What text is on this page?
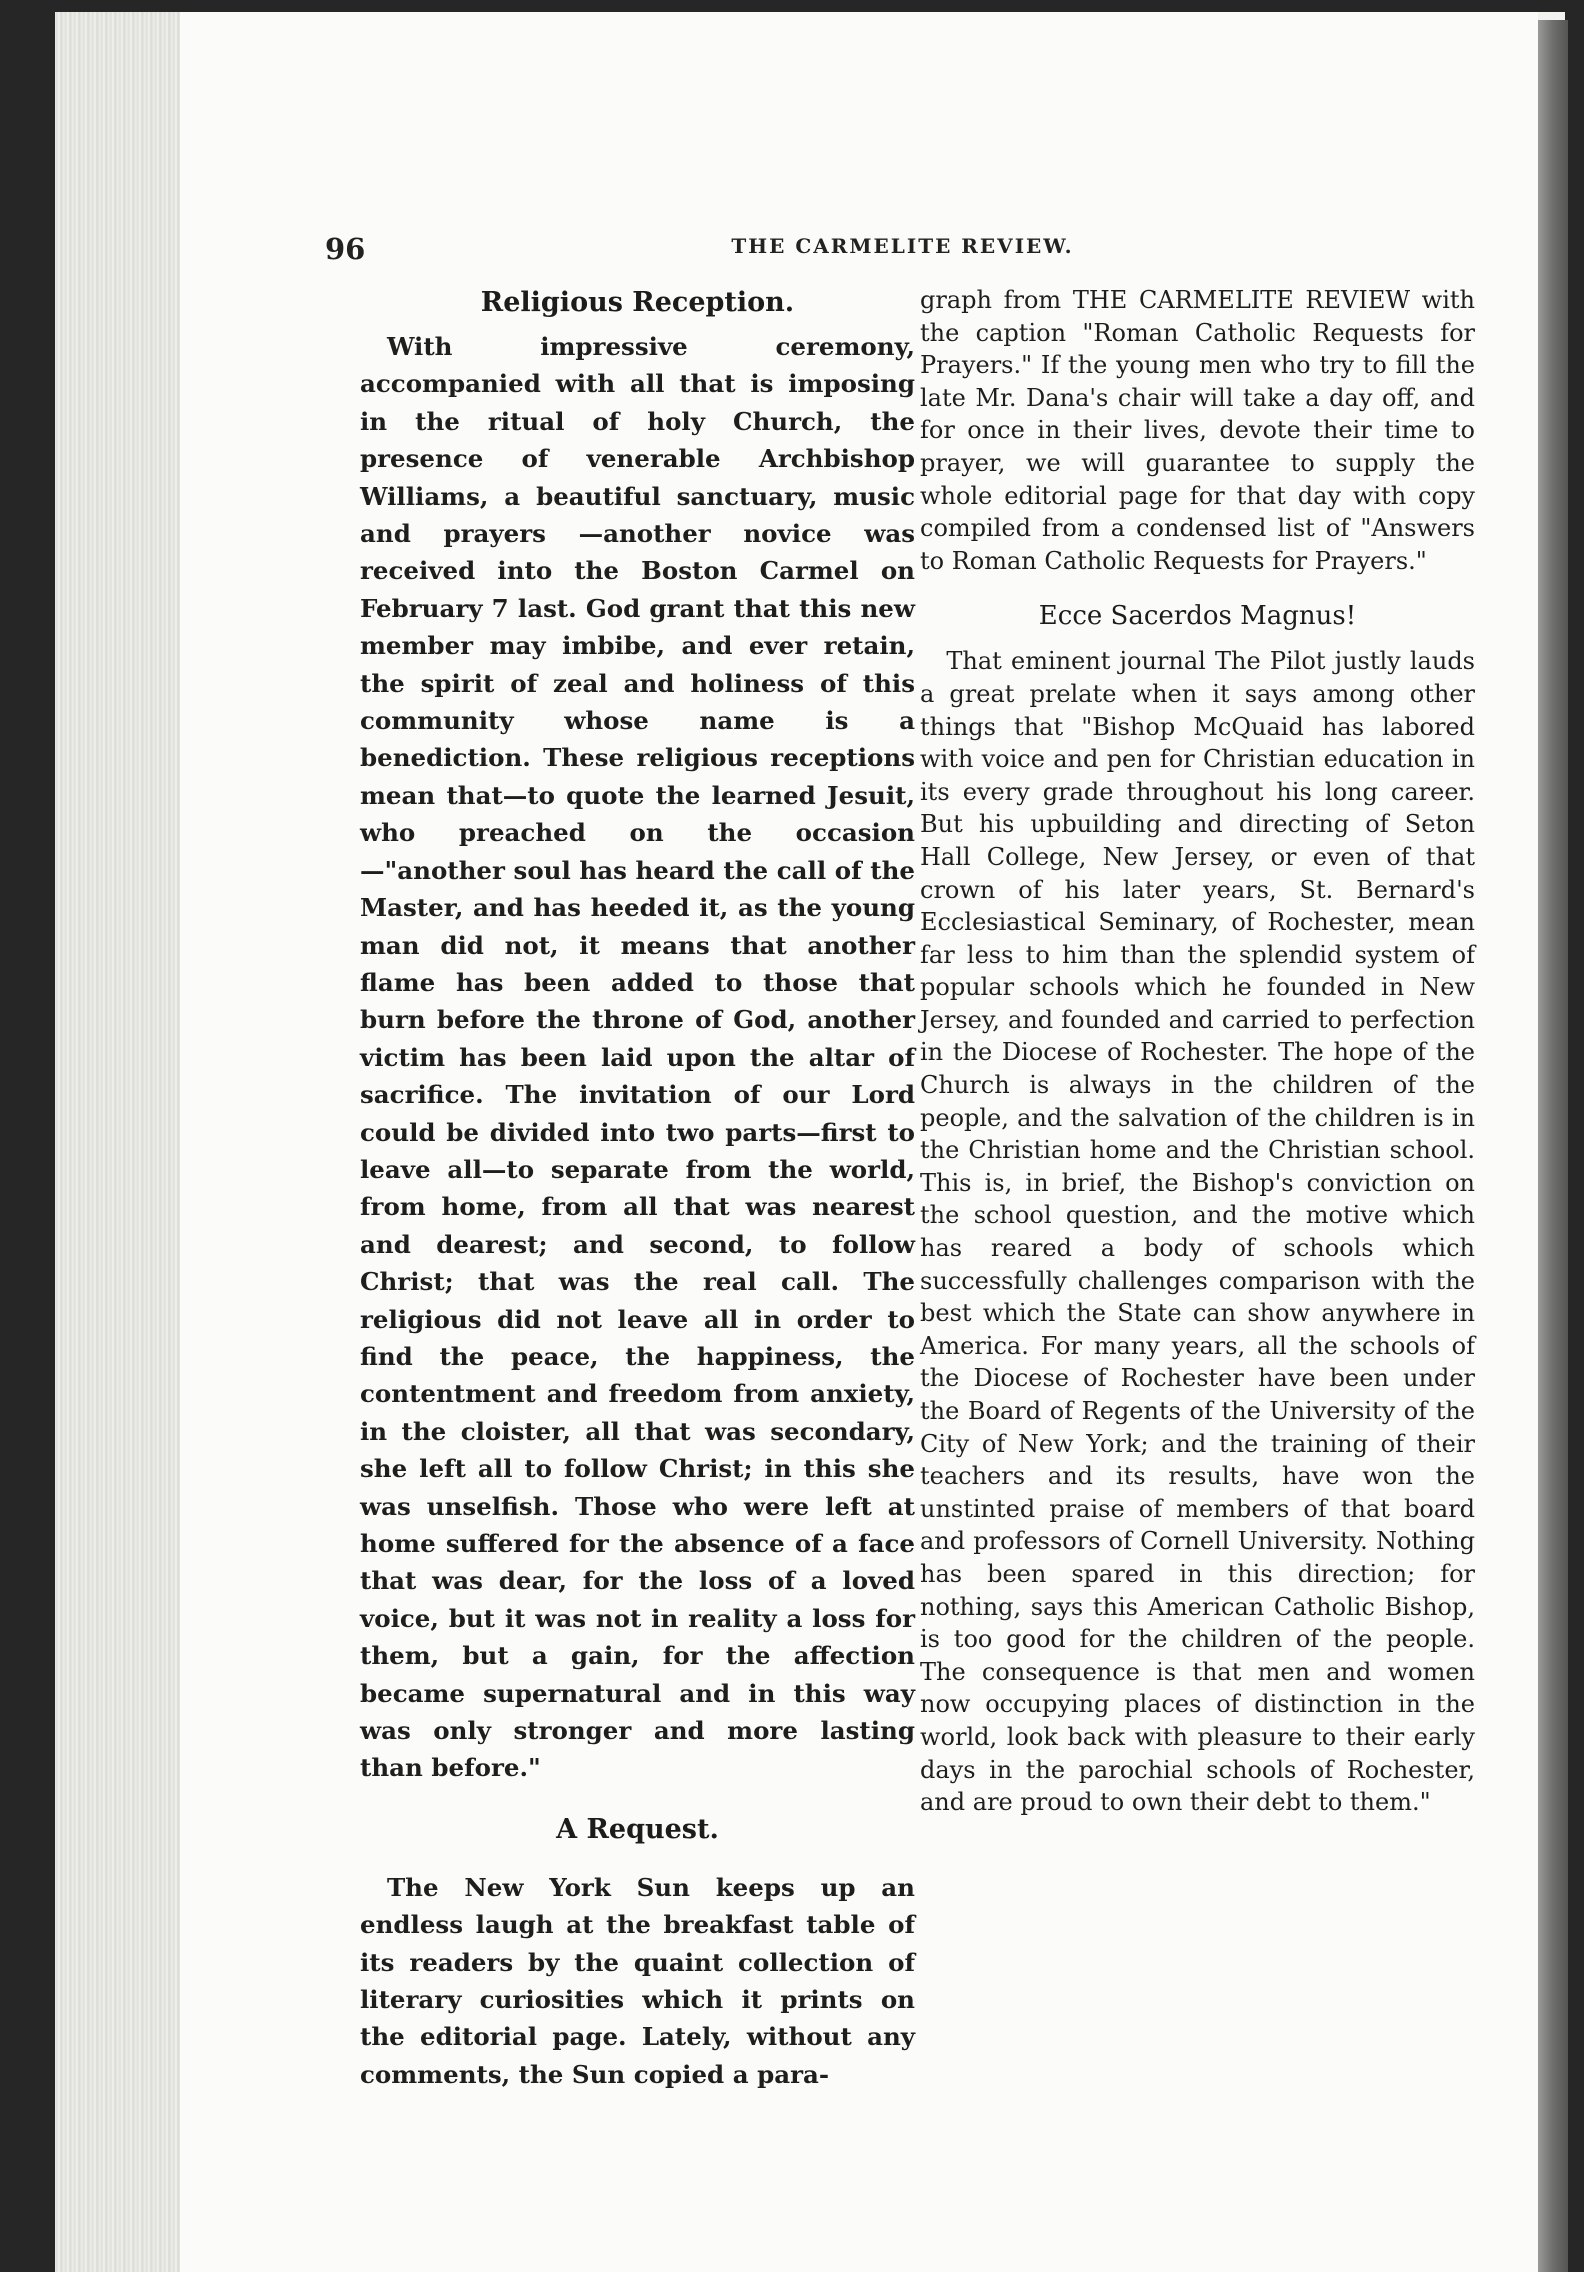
96	THE CARMELITE REVIEW.
Religious Reception.

With impressive ceremony, accompanied with all that is imposing in the ritual of holy Church, the presence of venerable Archbishop Williams, a beautiful sanctuary, music and prayers —another novice was received into the Boston Carmel on February 7 last. God grant that this new member may imbibe, and ever retain, the spirit of zeal and holiness of this community whose name is a benediction. These religious receptions mean that—to quote the learned Jesuit, who preached on the occasion—"another soul has heard the call of the Master, and has heeded it, as the young man did not, it means that another flame has been added to those that burn before the throne of God, another victim has been laid upon the altar of sacrifice. The invitation of our Lord could be divided into two parts—first to leave all—to separate from the world, from home, from all that was nearest and dearest; and second, to follow Christ; that was the real call. The religious did not leave all in order to find the peace, the happiness, the contentment and freedom from anxiety, in the cloister, all that was secondary, she left all to follow Christ; in this she was unselfish. Those who were left at home suffered for the absence of a face that was dear, for the loss of a loved voice, but it was not in reality a loss for them, but a gain, for the affection became supernatural and in this way was only stronger and more lasting than before."

A Request.

The New York Sun keeps up an endless laugh at the breakfast table of its readers by the quaint collection of literary curiosities which it prints on the editorial page. Lately, without any comments, the Sun copied a para-

graph from THE CARMELITE REVIEW with the caption "Roman Catholic Requests for Prayers." If the young men who try to fill the late Mr. Dana's chair will take a day off, and for once in their lives, devote their time to prayer, we will guarantee to supply the whole editorial page for that day with copy compiled from a condensed list of "Answers to Roman Catholic Requests for Prayers."

Ecce Sacerdos Magnus!

That eminent journal The Pilot justly lauds a great prelate when it says among other things that "Bishop McQuaid has labored with voice and pen for Christian education in its every grade throughout his long career. But his upbuilding and directing of Seton Hall College, New Jersey, or even of that crown of his later years, St. Bernard's Ecclesiastical Seminary, of Rochester, mean far less to him than the splendid system of popular schools which he founded in New Jersey, and founded and carried to perfection in the Diocese of Rochester. The hope of the Church is always in the children of the people, and the salvation of the children is in the Christian home and the Christian school. This is, in brief, the Bishop's conviction on the school question, and the motive which has reared a body of schools which successfully challenges comparison with the best which the State can show anywhere in America. For many years, all the schools of the Diocese of Rochester have been under the Board of Regents of the University of the City of New York; and the training of their teachers and its results, have won the unstinted praise of members of that board and professors of Cornell University. Nothing has been spared in this direction; for nothing, says this American Catholic Bishop, is too good for the children of the people. The consequence is that men and women now occupying places of distinction in the world, look back with pleasure to their early days in the parochial schools of Rochester, and are proud to own their debt to them."
